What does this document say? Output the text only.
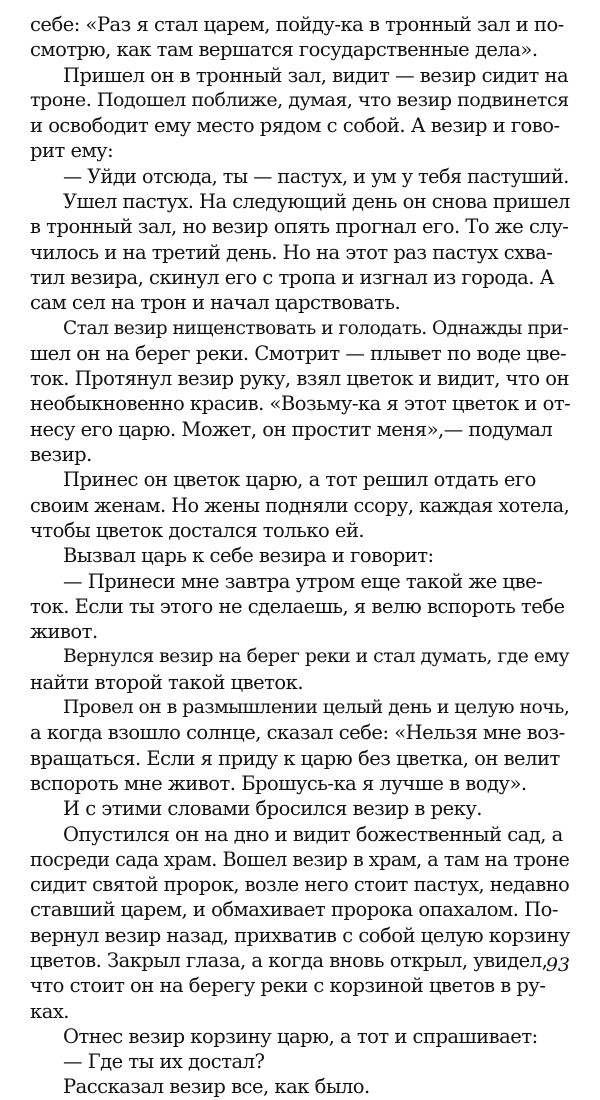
себе: «Раз я стал царем, пойду-ка в тронный зал и по-
смотрю, как там вершатся государственные дела».
Пришел он в тронный зал, видит — везир сидит на
троне. Подошел поближе, думая, что везир подвинется
и освободит ему место рядом с собой. А везир и гово-
рит ему:
— Уйди отсюда, ты — пастух, и ум у тебя пастуший.
Ушел пастух. На следующий день он снова пришел
в тронный зал, но везир опять прогнал его. То же слу-
чилось и на третий день. Но на этот раз пастух схва-
тил везира, скинул его с тропа и изгнал из города. А
сам сел на трон и начал царствовать.
Стал везир нищенствовать и голодать. Однажды при-
шел он на берег реки. Смотрит — плывет по воде цве-
ток. Протянул везир руку, взял цветок и видит, что он
необыкновенно красив. «Возьму-ка я этот цветок и от-
несу его царю. Может, он простит меня»,— подумал
везир.
Принес он цветок царю, а тот решил отдать его
своим женам. Но жены подняли ссору, каждая хотела,
чтобы цветок достался только ей.
Вызвал царь к себе везира и говорит:
— Принеси мне завтра утром еще такой же цве-
ток. Если ты этого не сделаешь, я велю вспороть тебе
живот.
Вернулся везир на берег реки и стал думать, где ему
найти второй такой цветок.
Провел он в размышлении целый день и целую ночь,
а когда взошло солнце, сказал себе: «Нельзя мне воз-
вращаться. Если я приду к царю без цветка, он велит
вспороть мне живот. Брошусь-ка я лучше в воду».
И с этими словами бросился везир в реку.
Опустился он на дно и видит божественный сад, а
посреди сада храм. Вошел везир в храм, а там на троне
сидит святой пророк, возле него стоит пастух, недавно
ставший царем, и обмахивает пророка опахалом. По-
вернул везир назад, прихватив с собой целую корзину
цветов. Закрыл глаза, а когда вновь открыл, увидел,
что стоит он на берегу реки с корзиной цветов в ру-
ках.
Отнес везир корзину царю, а тот и спрашивает:
— Где ты их достал?
Рассказал везир все, как было.
93
